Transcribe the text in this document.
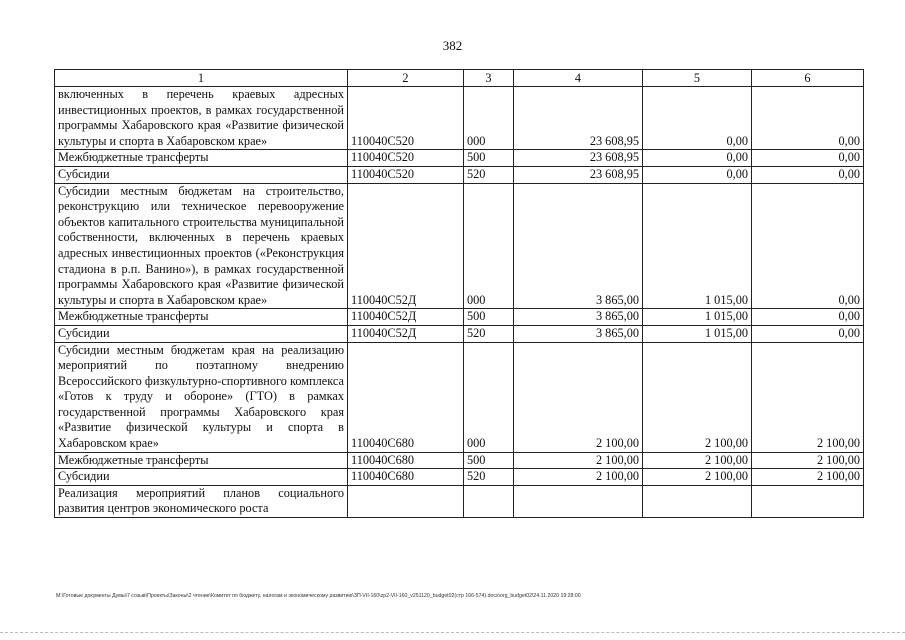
382
1	2	3	4	5	6
включенных в перечень краевых адресных инвестиционных проектов, в рамках государственной программы Хабаровского края «Развитие физической культуры и спорта в Хабаровском крае»	110040С520	000	23 608,95	0,00	0,00
Межбюджетные трансферты	110040С520	500	23 608,95	0,00	0,00
Субсидии	110040С520	520	23 608,95	0,00	0,00
Субсидии местным бюджетам на строительство, реконструкцию или техническое перевооружение объектов капитального строительства муниципальной собственности, включенных в перечень краевых адресных инвестиционных проектов («Реконструкция стадиона в р.п. Ванино»), в рамках государственной программы Хабаровского края «Развитие физической культуры и спорта в Хабаровском крае»	110040С52Д	000	3 865,00	1 015,00	0,00
Межбюджетные трансферты	110040С52Д	500	3 865,00	1 015,00	0,00
Субсидии	110040С52Д	520	3 865,00	1 015,00	0,00
Субсидии местным бюджетам края на реализацию мероприятий по поэтапному внедрению Всероссийского физкультурно-спортивного комплекса «Готов к труду и обороне» (ГТО) в рамках государственной программы Хабаровского края «Развитие физической культуры и спорта в Хабаровском крае»	110040С680	000	2 100,00	2 100,00	2 100,00
Межбюджетные трансферты	110040С680	500	2 100,00	2 100,00	2 100,00
Субсидии	110040С680	520	2 100,00	2 100,00	2 100,00

Реализация мероприятий планов социального развития центров экономического роста					

М:\Готовые документы Думы\7 созыв\Проекты\Законы\2 чтение\Комитет по бюджету, налогам и экономическому развитию\ЗП-VII-160\zp2-VII-160_v251120_budget02(стр 166-574).docx\org_budget02\24.11.2020 19:28:00
